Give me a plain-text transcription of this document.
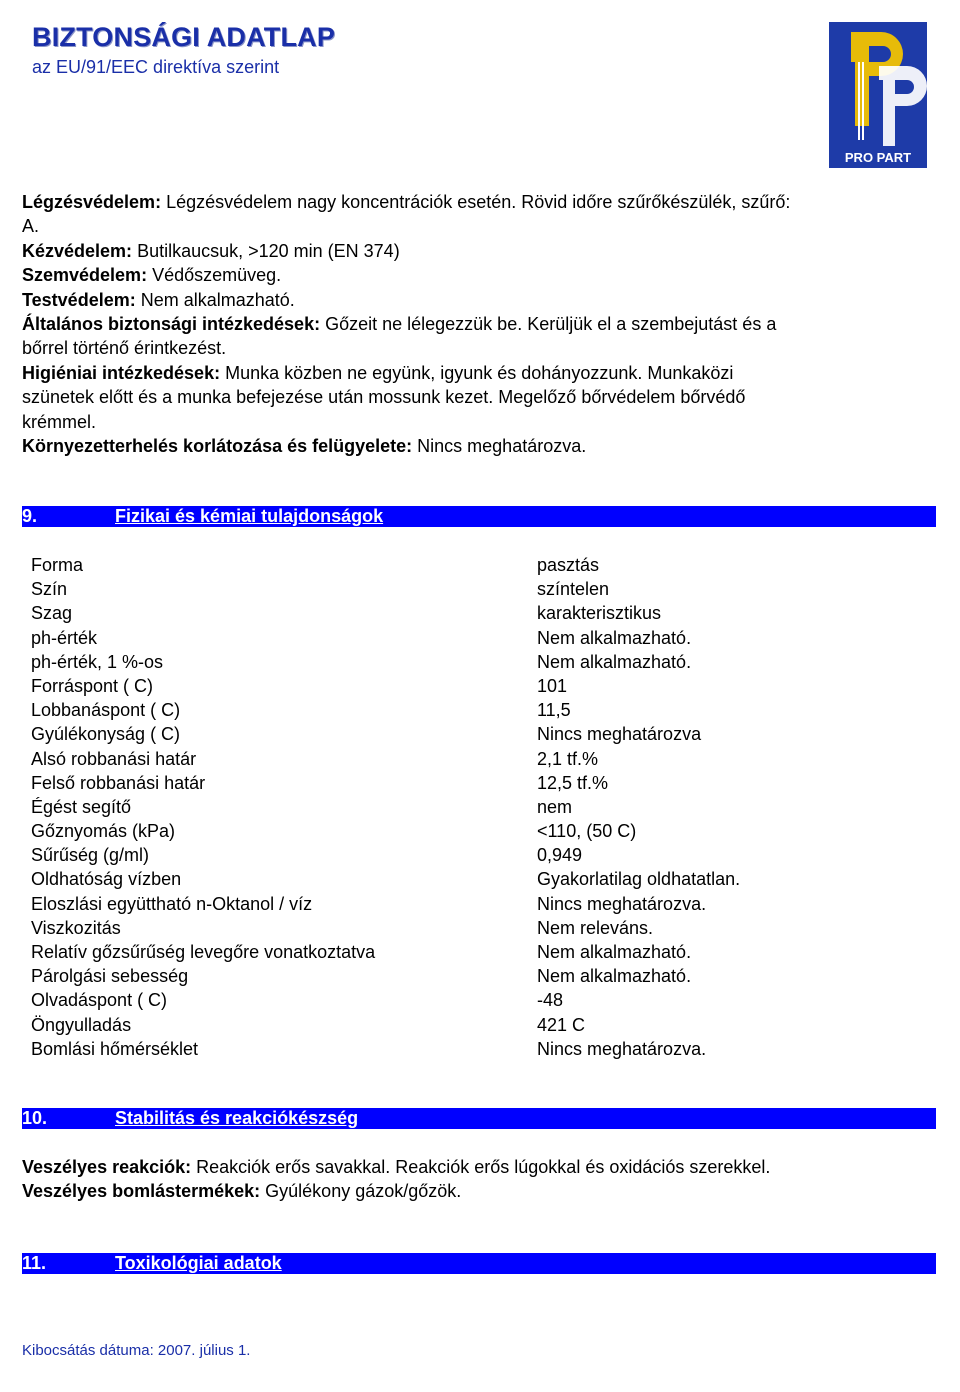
BIZTONSÁGI ADATLAP
az EU/91/EEC direktíva szerint
PRO PART

Légzésvédelem: Légzésvédelem nagy koncentrációk esetén. Rövid időre szűrőkészülék, szűrő:

A.

Kézvédelem: Butilkaucsuk, >120 min (EN 374)

Szemvédelem: Védőszemüveg.

Testvédelem: Nem alkalmazható.

Általános biztonsági intézkedések: Gőzeit ne lélegezzük be. Kerüljük el a szembejutást és a

bőrrel történő érintkezést.

Higiéniai intézkedések: Munka közben ne együnk, igyunk és dohányozzunk. Munkaközi

szünetek előtt és a munka befejezése után mossunk kezet. Megelőző bőrvédelem bőrvédő

krémmel.

Környezetterhelés korlátozása és felügyelete: Nincs meghatározva.

9.	Fizikai és kémiai tulajdonságok
Forma	pasztás
Szín	színtelen
Szag	karakterisztikus
ph-érték	Nem alkalmazható.
ph-érték, 1 %-os	Nem alkalmazható.
Forráspont ( C)	101
Lobbanáspont ( C)	11,5
Gyúlékonyság ( C)	Nincs meghatározva
Alsó robbanási határ	2,1 tf.%
Felső robbanási határ	12,5 tf.%
Égést segítő	nem
Gőznyomás (kPa)	<110, (50 C)
Sűrűség (g/ml)	0,949
Oldhatóság vízben	Gyakorlatilag oldhatatlan.
Eloszlási együttható n-Oktanol / víz	Nincs meghatározva.
Viszkozitás	Nem releváns.
Relatív gőzsűrűség levegőre vonatkoztatva	Nem alkalmazható.
Párolgási sebesség	Nem alkalmazható.
Olvadáspont ( C)	-48
Öngyulladás	421 C
Bomlási hőmérséklet	Nincs meghatározva.
10.	Stabilitás és reakciókészség

Veszélyes reakciók: Reakciók erős savakkal. Reakciók erős lúgokkal és oxidációs szerekkel.

Veszélyes bomlástermékek: Gyúlékony gázok/gőzök.

11.	Toxikológiai adatok
Kibocsátás dátuma: 2007. július 1.
